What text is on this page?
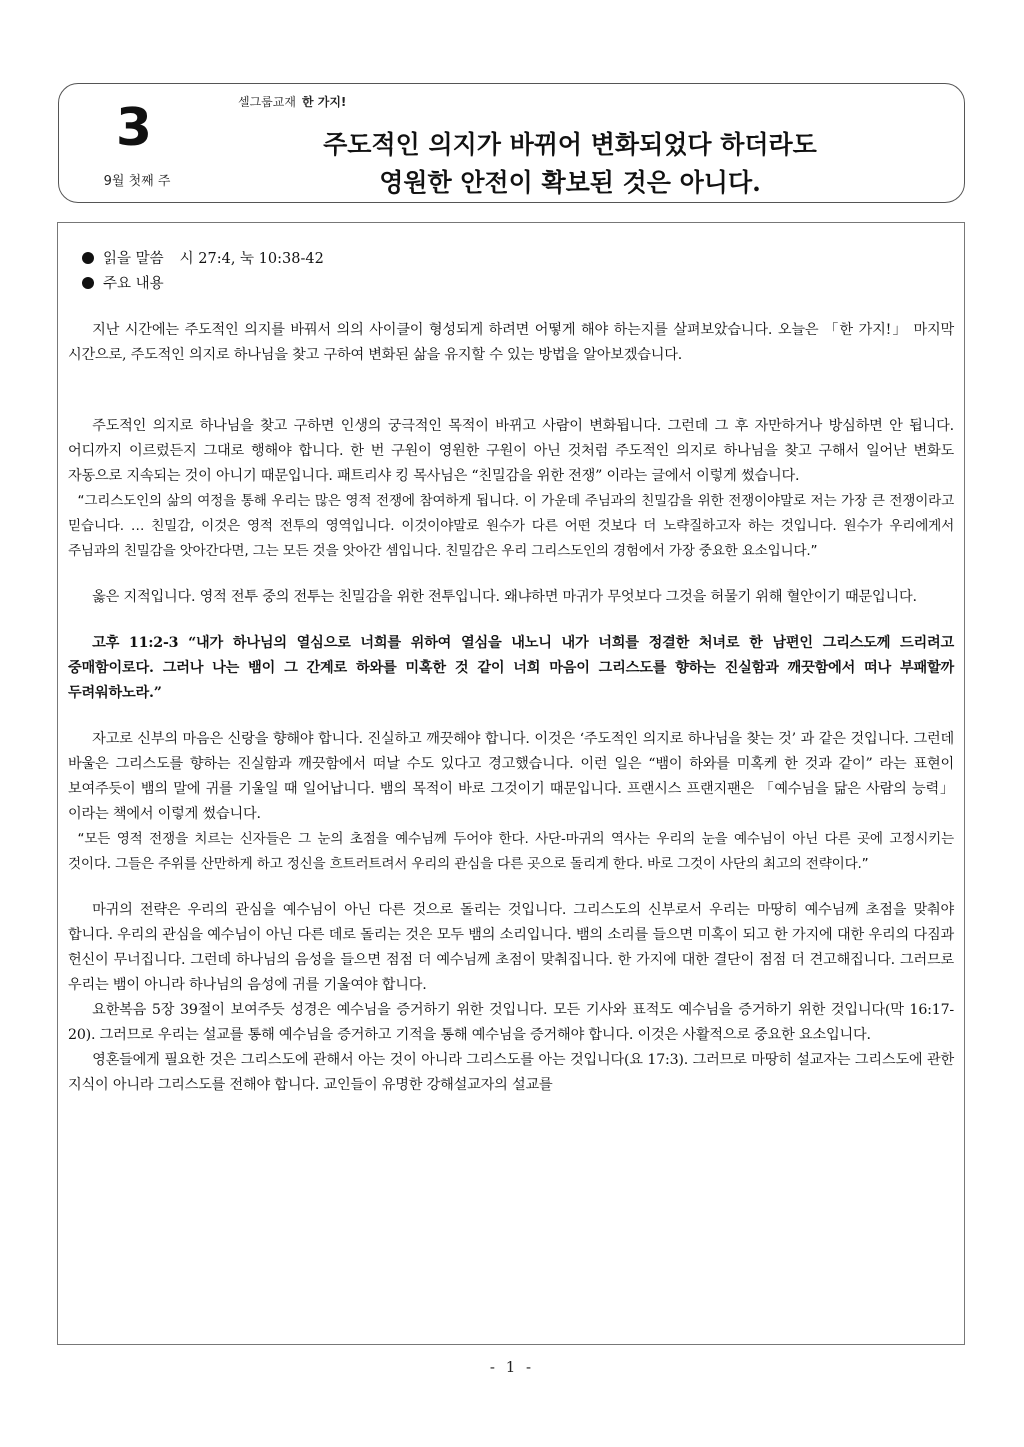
3
9월 첫째 주
셀그룹교재 한 가지!
주도적인 의지가 바뀌어 변화되었다 하더라도
영원한 안전이 확보된 것은 아니다.
읽을 말씀 시 27:4, 눅 10:38-42
주요 내용

지난 시간에는 주도적인 의지를 바꿔서 의의 사이클이 형성되게 하려면 어떻게 해야 하는지를 살펴보았습니다. 오늘은 「한 가지!」 마지막 시간으로, 주도적인 의지로 하나님을 찾고 구하여 변화된 삶을 유지할 수 있는 방법을 알아보겠습니다.

주도적인 의지로 하나님을 찾고 구하면 인생의 궁극적인 목적이 바뀌고 사람이 변화됩니다. 그런데 그 후 자만하거나 방심하면 안 됩니다. 어디까지 이르렀든지 그대로 행해야 합니다. 한 번 구원이 영원한 구원이 아닌 것처럼 주도적인 의지로 하나님을 찾고 구해서 일어난 변화도 자동으로 지속되는 것이 아니기 때문입니다. 패트리샤 킹 목사님은 “친밀감을 위한 전쟁” 이라는 글에서 이렇게 썼습니다.

“그리스도인의 삶의 여정을 통해 우리는 많은 영적 전쟁에 참여하게 됩니다. 이 가운데 주님과의 친밀감을 위한 전쟁이야말로 저는 가장 큰 전쟁이라고 믿습니다. … 친밀감, 이것은 영적 전투의 영역입니다. 이것이야말로 원수가 다른 어떤 것보다 더 노략질하고자 하는 것입니다. 원수가 우리에게서 주님과의 친밀감을 앗아간다면, 그는 모든 것을 앗아간 셈입니다. 친밀감은 우리 그리스도인의 경험에서 가장 중요한 요소입니다.”

옳은 지적입니다. 영적 전투 중의 전투는 친밀감을 위한 전투입니다. 왜냐하면 마귀가 무엇보다 그것을 허물기 위해 혈안이기 때문입니다.

고후 11:2-3 “내가 하나님의 열심으로 너희를 위하여 열심을 내노니 내가 너희를 정결한 처녀로 한 남편인 그리스도께 드리려고 중매함이로다. 그러나 나는 뱀이 그 간계로 하와를 미혹한 것 같이 너희 마음이 그리스도를 향하는 진실함과 깨끗함에서 떠나 부패할까 두려워하노라.”

자고로 신부의 마음은 신랑을 향해야 합니다. 진실하고 깨끗해야 합니다. 이것은 ‘주도적인 의지로 하나님을 찾는 것’ 과 같은 것입니다. 그런데 바울은 그리스도를 향하는 진실함과 깨끗함에서 떠날 수도 있다고 경고했습니다. 이런 일은 “뱀이 하와를 미혹케 한 것과 같이” 라는 표현이 보여주듯이 뱀의 말에 귀를 기울일 때 일어납니다. 뱀의 목적이 바로 그것이기 때문입니다. 프랜시스 프랜지팬은 「예수님을 닮은 사람의 능력」이라는 책에서 이렇게 썼습니다.

“모든 영적 전쟁을 치르는 신자들은 그 눈의 초점을 예수님께 두어야 한다. 사단-마귀의 역사는 우리의 눈을 예수님이 아닌 다른 곳에 고정시키는 것이다. 그들은 주위를 산만하게 하고 정신을 흐트러트려서 우리의 관심을 다른 곳으로 돌리게 한다. 바로 그것이 사단의 최고의 전략이다.”

마귀의 전략은 우리의 관심을 예수님이 아닌 다른 것으로 돌리는 것입니다. 그리스도의 신부로서 우리는 마땅히 예수님께 초점을 맞춰야 합니다. 우리의 관심을 예수님이 아닌 다른 데로 돌리는 것은 모두 뱀의 소리입니다. 뱀의 소리를 들으면 미혹이 되고 한 가지에 대한 우리의 다짐과 헌신이 무너집니다. 그런데 하나님의 음성을 들으면 점점 더 예수님께 초점이 맞춰집니다. 한 가지에 대한 결단이 점점 더 견고해집니다. 그러므로 우리는 뱀이 아니라 하나님의 음성에 귀를 기울여야 합니다.

요한복음 5장 39절이 보여주듯 성경은 예수님을 증거하기 위한 것입니다. 모든 기사와 표적도 예수님을 증거하기 위한 것입니다(막 16:17-20). 그러므로 우리는 설교를 통해 예수님을 증거하고 기적을 통해 예수님을 증거해야 합니다. 이것은 사활적으로 중요한 요소입니다.

영혼들에게 필요한 것은 그리스도에 관해서 아는 것이 아니라 그리스도를 아는 것입니다(요 17:3). 그러므로 마땅히 설교자는 그리스도에 관한 지식이 아니라 그리스도를 전해야 합니다. 교인들이 유명한 강해설교자의 설교를

- 1 -
